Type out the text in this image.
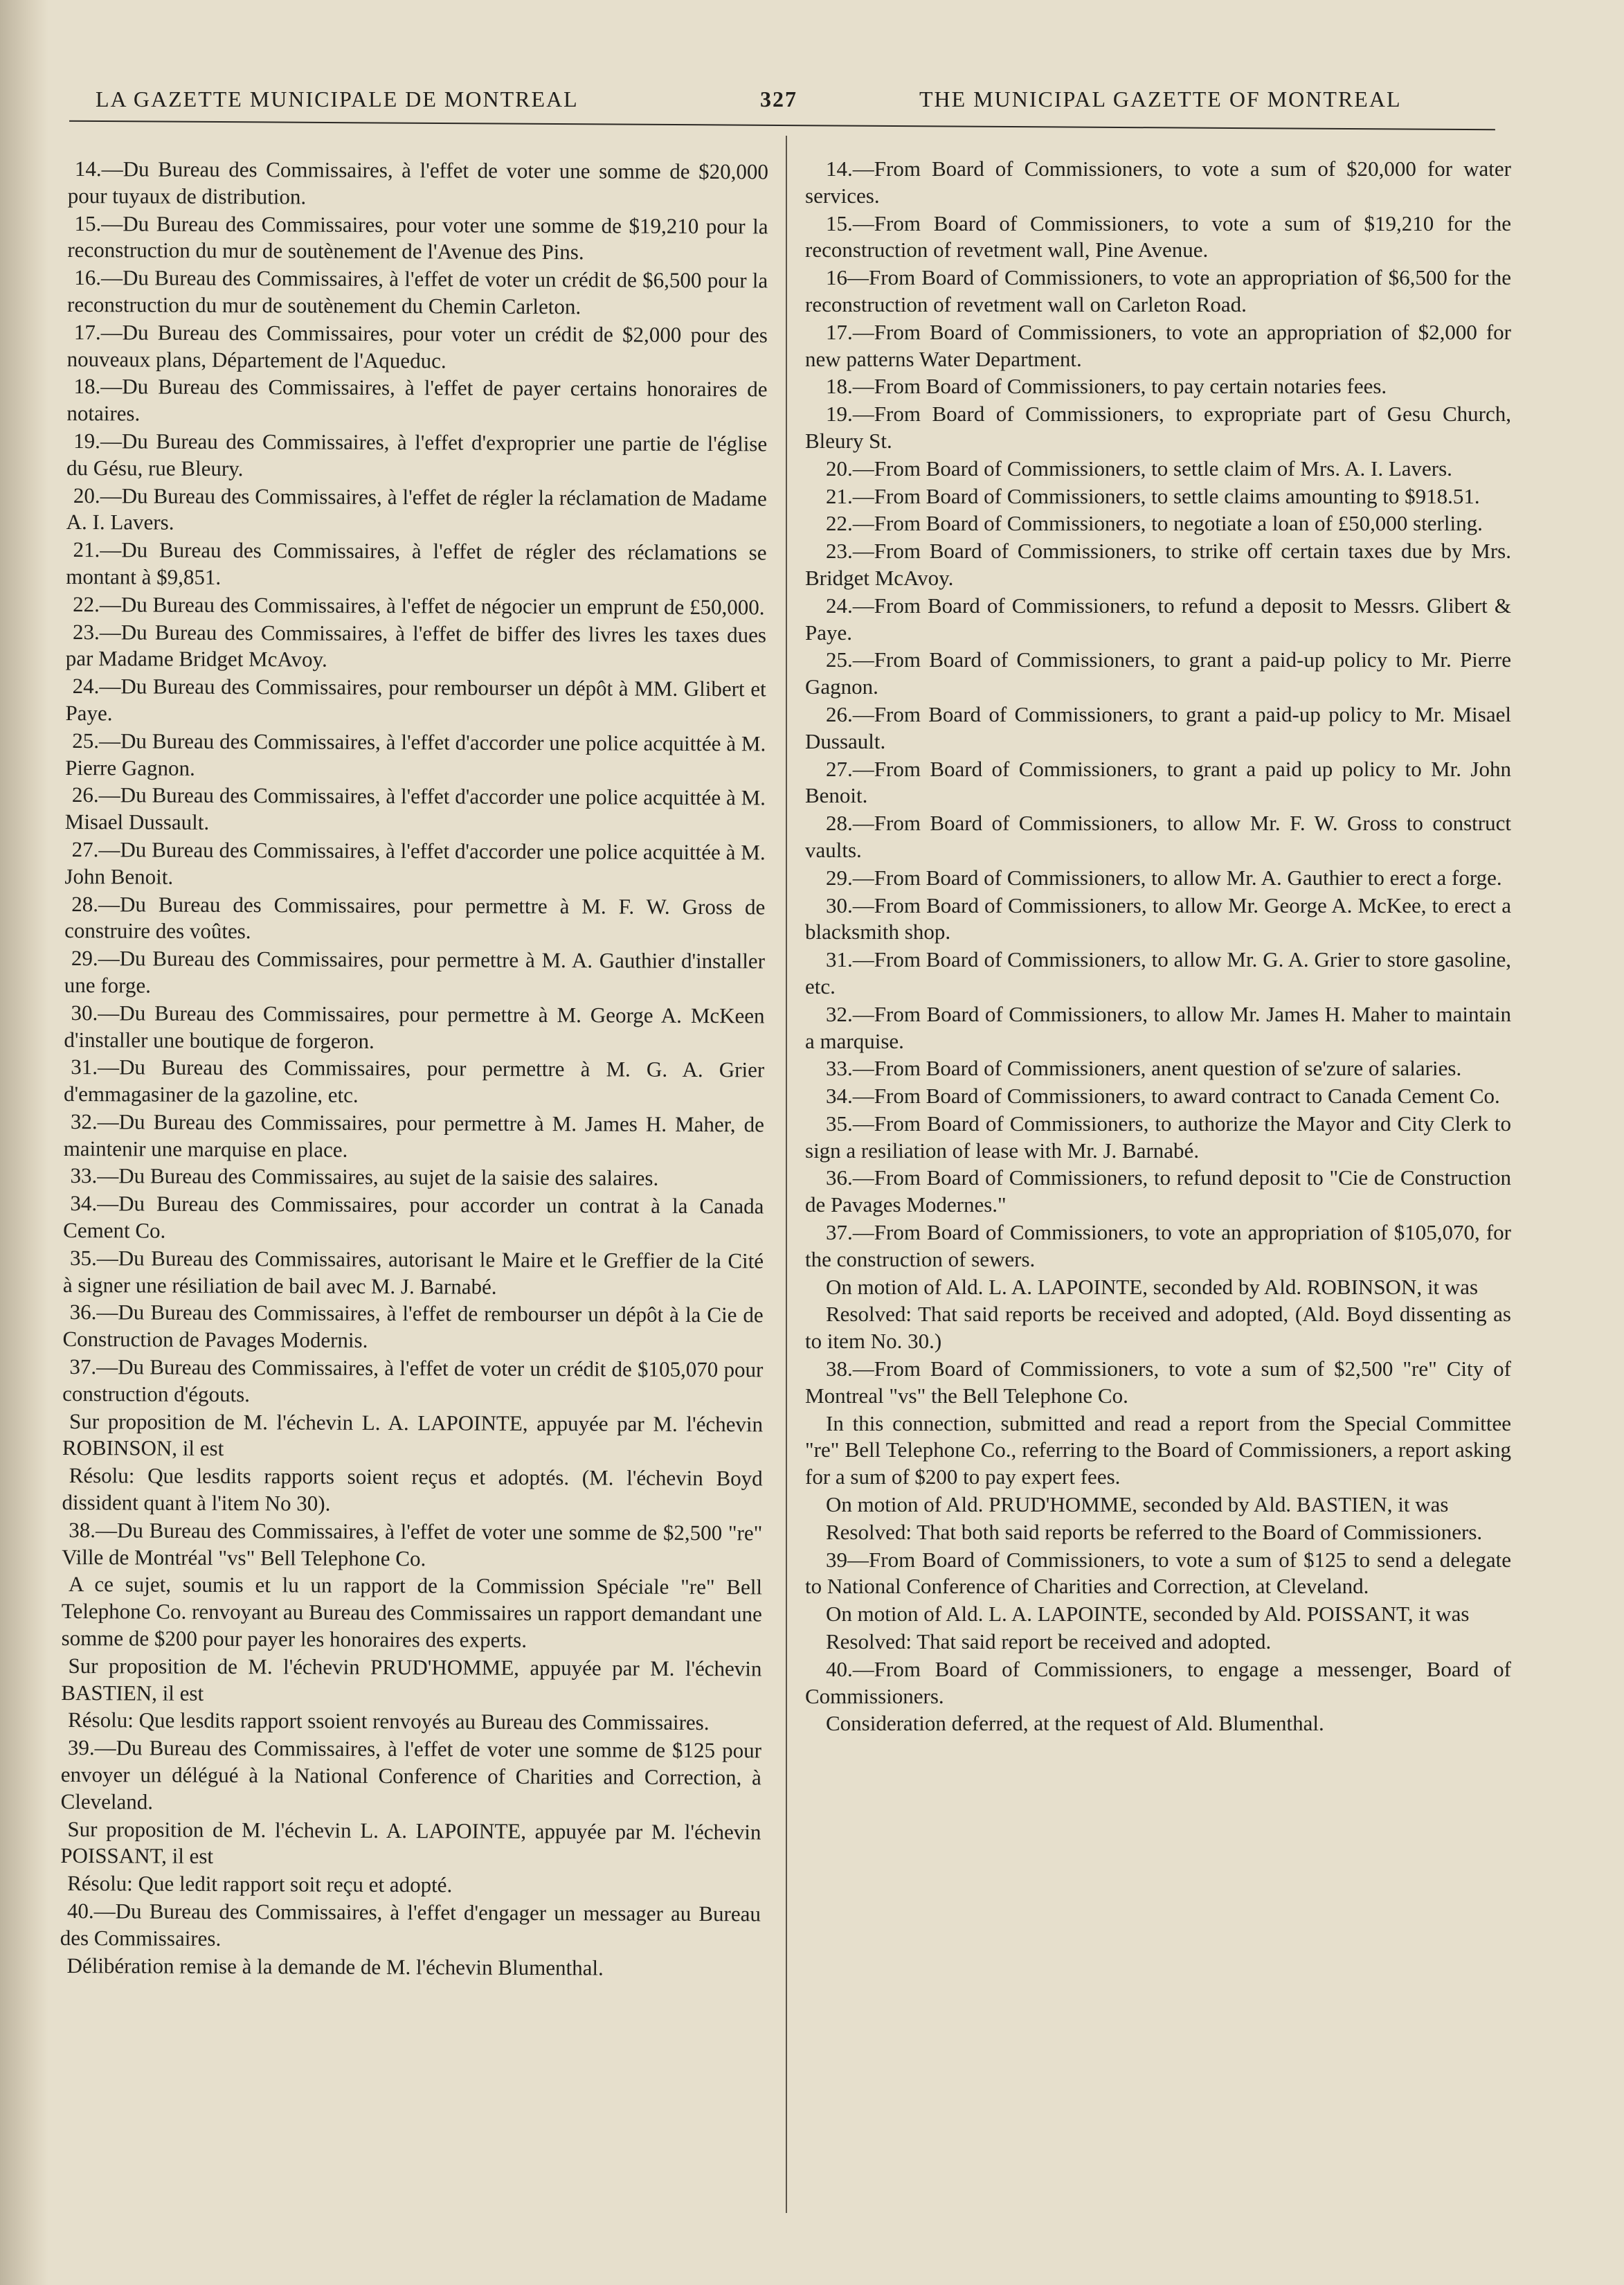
LA GAZETTE MUNICIPALE DE MONTREAL	327	THE MUNICIPAL GAZETTE OF MONTREAL

14.—Du Bureau des Commissaires, à l'effet de voter une somme de $20,000 pour tuyaux de distribution.

15.—Du Bureau des Commissaires, pour voter une somme de $19,210 pour la reconstruction du mur de soutènement de l'Avenue des Pins.

16.—Du Bureau des Commissaires, à l'effet de voter un crédit de $6,500 pour la reconstruction du mur de soutènement du Chemin Carleton.

17.—Du Bureau des Commissaires, pour voter un crédit de $2,000 pour des nouveaux plans, Département de l'Aqueduc.

18.—Du Bureau des Commissaires, à l'effet de payer certains honoraires de notaires.

19.—Du Bureau des Commissaires, à l'effet d'exproprier une partie de l'église du Gésu, rue Bleury.

20.—Du Bureau des Commissaires, à l'effet de régler la réclamation de Madame A. I. Lavers.

21.—Du Bureau des Commissaires, à l'effet de régler des réclamations se montant à $9,851.

22.—Du Bureau des Commissaires, à l'effet de négocier un emprunt de £50,000.

23.—Du Bureau des Commissaires, à l'effet de biffer des livres les taxes dues par Madame Bridget McAvoy.

24.—Du Bureau des Commissaires, pour rembourser un dépôt à MM. Glibert et Paye.

25.—Du Bureau des Commissaires, à l'effet d'accorder une police acquittée à M. Pierre Gagnon.

26.—Du Bureau des Commissaires, à l'effet d'accorder une police acquittée à M. Misael Dussault.

27.—Du Bureau des Commissaires, à l'effet d'accorder une police acquittée à M. John Benoit.

28.—Du Bureau des Commissaires, pour permettre à M. F. W. Gross de construire des voûtes.

29.—Du Bureau des Commissaires, pour permettre à M. A. Gauthier d'installer une forge.

30.—Du Bureau des Commissaires, pour permettre à M. George A. McKeen d'installer une boutique de forgeron.

31.—Du Bureau des Commissaires, pour permettre à M. G. A. Grier d'emmagasiner de la gazoline, etc.

32.—Du Bureau des Commissaires, pour permettre à M. James H. Maher, de maintenir une marquise en place.

33.—Du Bureau des Commissaires, au sujet de la saisie des salaires.

34.—Du Bureau des Commissaires, pour accorder un contrat à la Canada Cement Co.

35.—Du Bureau des Commissaires, autorisant le Maire et le Greffier de la Cité à signer une résiliation de bail avec M. J. Barnabé.

36.—Du Bureau des Commissaires, à l'effet de rembourser un dépôt à la Cie de Construction de Pavages Modernis.

37.—Du Bureau des Commissaires, à l'effet de voter un crédit de $105,070 pour construction d'égouts.

Sur proposition de M. l'échevin L. A. LAPOINTE, appuyée par M. l'échevin ROBINSON, il est

Résolu: Que lesdits rapports soient reçus et adoptés. (M. l'échevin Boyd dissident quant à l'item No 30).

38.—Du Bureau des Commissaires, à l'effet de voter une somme de $2,500 "re" Ville de Montréal "vs" Bell Telephone Co.

A ce sujet, soumis et lu un rapport de la Commission Spéciale "re" Bell Telephone Co. renvoyant au Bureau des Commissaires un rapport demandant une somme de $200 pour payer les honoraires des experts.

Sur proposition de M. l'échevin PRUD'HOMME, appuyée par M. l'échevin BASTIEN, il est

Résolu: Que lesdits rapport ssoient renvoyés au Bureau des Commissaires.

39.—Du Bureau des Commissaires, à l'effet de voter une somme de $125 pour envoyer un délégué à la National Conference of Charities and Correction, à Cleveland.

Sur proposition de M. l'échevin L. A. LAPOINTE, appuyée par M. l'échevin POISSANT, il est

Résolu: Que ledit rapport soit reçu et adopté.

40.—Du Bureau des Commissaires, à l'effet d'engager un messager au Bureau des Commissaires.

Délibération remise à la demande de M. l'échevin Blumenthal.

14.—From Board of Commissioners, to vote a sum of $20,000 for water services.

15.—From Board of Commissioners, to vote a sum of $19,210 for the reconstruction of revetment wall, Pine Avenue.

16—From Board of Commissioners, to vote an appropriation of $6,500 for the reconstruction of revetment wall on Carleton Road.

17.—From Board of Commissioners, to vote an appropriation of $2,000 for new patterns Water Department.

18.—From Board of Commissioners, to pay certain notaries fees.

19.—From Board of Commissioners, to expropriate part of Gesu Church, Bleury St.

20.—From Board of Commissioners, to settle claim of Mrs. A. I. Lavers.

21.—From Board of Commissioners, to settle claims amounting to $918.51.

22.—From Board of Commissioners, to negotiate a loan of £50,000 sterling.

23.—From Board of Commissioners, to strike off certain taxes due by Mrs. Bridget McAvoy.

24.—From Board of Commissioners, to refund a deposit to Messrs. Glibert & Paye.

25.—From Board of Commissioners, to grant a paid-up policy to Mr. Pierre Gagnon.

26.—From Board of Commissioners, to grant a paid-up policy to Mr. Misael Dussault.

27.—From Board of Commissioners, to grant a paid up policy to Mr. John Benoit.

28.—From Board of Commissioners, to allow Mr. F. W. Gross to construct vaults.

29.—From Board of Commissioners, to allow Mr. A. Gauthier to erect a forge.

30.—From Board of Commissioners, to allow Mr. George A. McKee, to erect a blacksmith shop.

31.—From Board of Commissioners, to allow Mr. G. A. Grier to store gasoline, etc.

32.—From Board of Commissioners, to allow Mr. James H. Maher to maintain a marquise.

33.—From Board of Commissioners, anent question of se'zure of salaries.

34.—From Board of Commissioners, to award contract to Canada Cement Co.

35.—From Board of Commissioners, to authorize the Mayor and City Clerk to sign a resiliation of lease with Mr. J. Barnabé.

36.—From Board of Commissioners, to refund deposit to "Cie de Construction de Pavages Modernes."

37.—From Board of Commissioners, to vote an appropriation of $105,070, for the construction of sewers.

On motion of Ald. L. A. LAPOINTE, seconded by Ald. ROBINSON, it was

Resolved: That said reports be received and adopted, (Ald. Boyd dissenting as to item No. 30.)

38.—From Board of Commissioners, to vote a sum of $2,500 "re" City of Montreal "vs" the Bell Telephone Co.

In this connection, submitted and read a report from the Special Committee "re" Bell Telephone Co., referring to the Board of Commissioners, a report asking for a sum of $200 to pay expert fees.

On motion of Ald. PRUD'HOMME, seconded by Ald. BASTIEN, it was

Resolved: That both said reports be referred to the Board of Commissioners.

39—From Board of Commissioners, to vote a sum of $125 to send a delegate to National Conference of Charities and Correction, at Cleveland.

On motion of Ald. L. A. LAPOINTE, seconded by Ald. POISSANT, it was

Resolved: That said report be received and adopted.

40.—From Board of Commissioners, to engage a messenger, Board of Commissioners.

Consideration deferred, at the request of Ald. Blumenthal.
